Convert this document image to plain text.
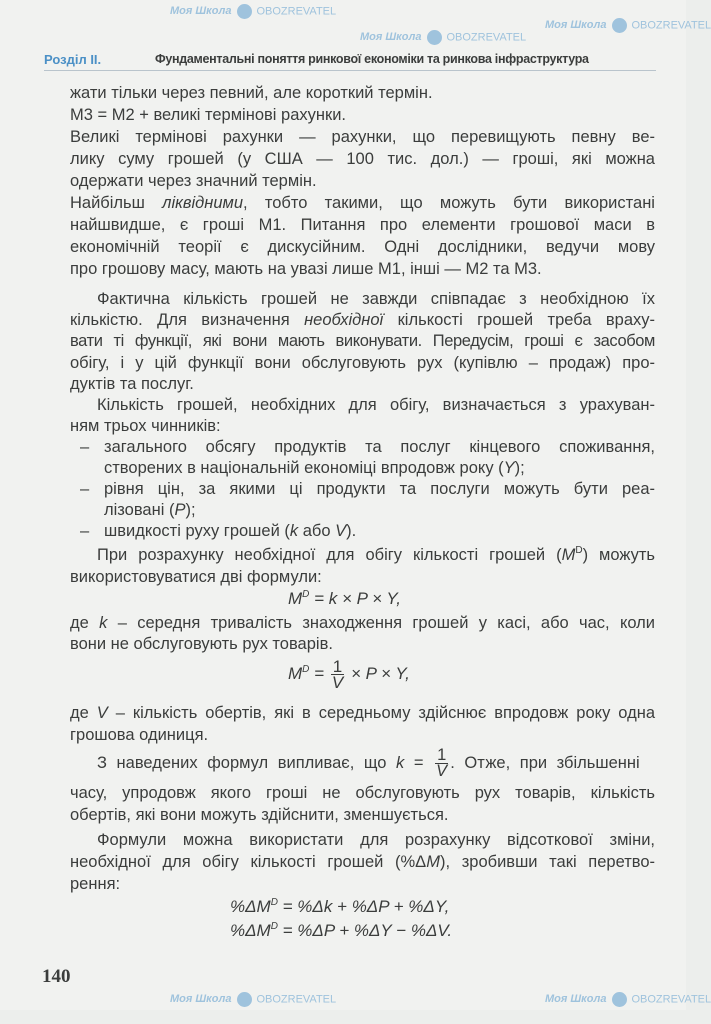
Розділ II.	Фундаментальні поняття ринкової економіки та ринкова інфраструктура
Моя Школа OBOZREVATEL
Моя Школа OBOZREVATEL
Моя Школа OBOZREVATEL
Моя Школа OBOZREVATEL	Моя Школа OBOZREVATEL
жати тільки через певний, але короткий термін.
М3 = М2 + великі термінові рахунки.
Великі термінові рахунки — рахунки, що перевищують певну ве-
лику суму грошей (у США — 100 тис. дол.) — гроші, які можна
одержати через значний термін.
Найбільш ліквідними, тобто такими, що можуть бути використані
найшвидше, є гроші М1. Питання про елементи грошової маси в
економічній теорії є дискусійним. Одні дослідники, ведучи мову
про грошову масу, мають на увазі лише М1, інші — М2 та М3.
Фактична кількість грошей не завжди співпадає з необхідною їх
кількістю. Для визначення необхідної кількості грошей треба враху-
вати ті функції, які вони мають виконувати. Передусім, гроші є засобом
обігу, і у цій функції вони обслуговують рух (купівлю – продаж) про-
дуктів та послуг.
Кількість грошей, необхідних для обігу, визначається з урахуван-
ням трьох чинників:
– загального обсягу продуктів та послуг кінцевого споживання,
створених в національній економіці впродовж року (Y);
– рівня цін, за якими ці продукти та послуги можуть бути реа-
лізовані (P);
– швидкості руху грошей (k або V).
При розрахунку необхідної для обігу кількості грошей $(M^D)$ можуть
використовуватися дві формули:
$M^D = k \times P \times Y$,
де k – середня тривалість знаходження грошей у касі, або час, коли
вони не обслуговують рух товарів.
$M^D = \frac{1}{V} \times P \times Y$,
де V – кількість обертів, які в середньому здійснює впродовж року одна
грошова одиниця.
З наведених формул випливає, що $k = \frac{1}{V}$ . Отже, при збільшенні
часу, упродовж якого гроші не обслуговують рух товарів, кількість
обертів, які вони можуть здійснити, зменшується.
Формули можна використати для розрахунку відсоткової зміни,
необхідної для обігу кількості грошей (%ΔM), зробивши такі перетво-
рення:
$\%\Delta M^D = \%\Delta k + \%\Delta P + \%\Delta Y$,
$\%\Delta M^D = \%\Delta P + \%\Delta Y - \%\Delta V$.
140
